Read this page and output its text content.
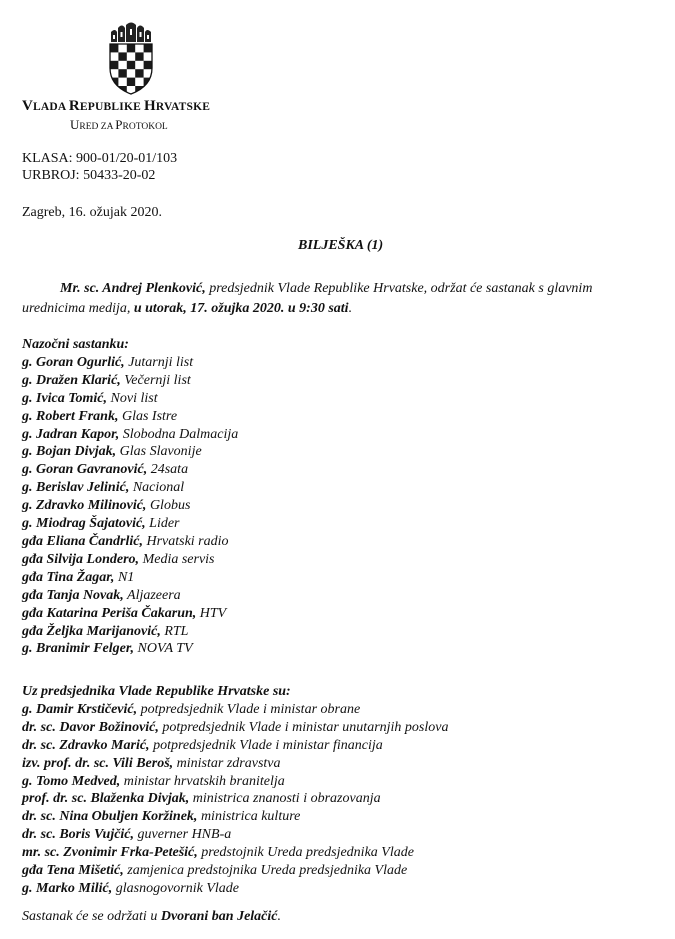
VLADA REPUBLIKE HRVATSKE
URED ZA PROTOKOL
KLASA: 900-01/20-01/103
URBROJ: 50433-20-02
Zagreb, 16. ožujak 2020.
BILJEŠKA (1)
Mr. sc. Andrej Plenković, predsjednik Vlade Republike Hrvatske, održat će sastanak s glavnim
urednicima medija, u utorak, 17. ožujka 2020. u 9:30 sati.
Nazočni sastanku:
g. Goran Ogurlić, Jutarnji list
g. Dražen Klarić, Večernji list
g. Ivica Tomić, Novi list
g. Robert Frank, Glas Istre
g. Jadran Kapor, Slobodna Dalmacija
g. Bojan Divjak, Glas Slavonije
g. Goran Gavranović, 24sata
g. Berislav Jelinić, Nacional
g. Zdravko Milinović, Globus
g. Miodrag Šajatović, Lider
gđa Eliana Čandrlić, Hrvatski radio
gđa Silvija Londero, Media servis
gđa Tina Žagar, N1
gđa Tanja Novak, Aljazeera
gđa Katarina Periša Čakarun, HTV
gđa Željka Marijanović, RTL
g. Branimir Felger, NOVA TV
Uz predsjednika Vlade Republike Hrvatske su:
g. Damir Krstičević, potpredsjednik Vlade i ministar obrane
dr. sc. Davor Božinović, potpredsjednik Vlade i ministar unutarnjih poslova
dr. sc. Zdravko Marić, potpredsjednik Vlade i ministar financija
izv. prof. dr. sc. Vili Beroš, ministar zdravstva
g. Tomo Medved, ministar hrvatskih branitelja
prof. dr. sc. Blaženka Divjak, ministrica znanosti i obrazovanja
dr. sc. Nina Obuljen Koržinek, ministrica kulture
dr. sc. Boris Vujčić, guverner HNB-a
mr. sc. Zvonimir Frka-Petešić, predstojnik Ureda predsjednika Vlade
gđa Tena Mišetić, zamjenica predstojnika Ureda predsjednika Vlade
g. Marko Milić, glasnogovornik Vlade
Sastanak će se održati u Dvorani ban Jelačić.
